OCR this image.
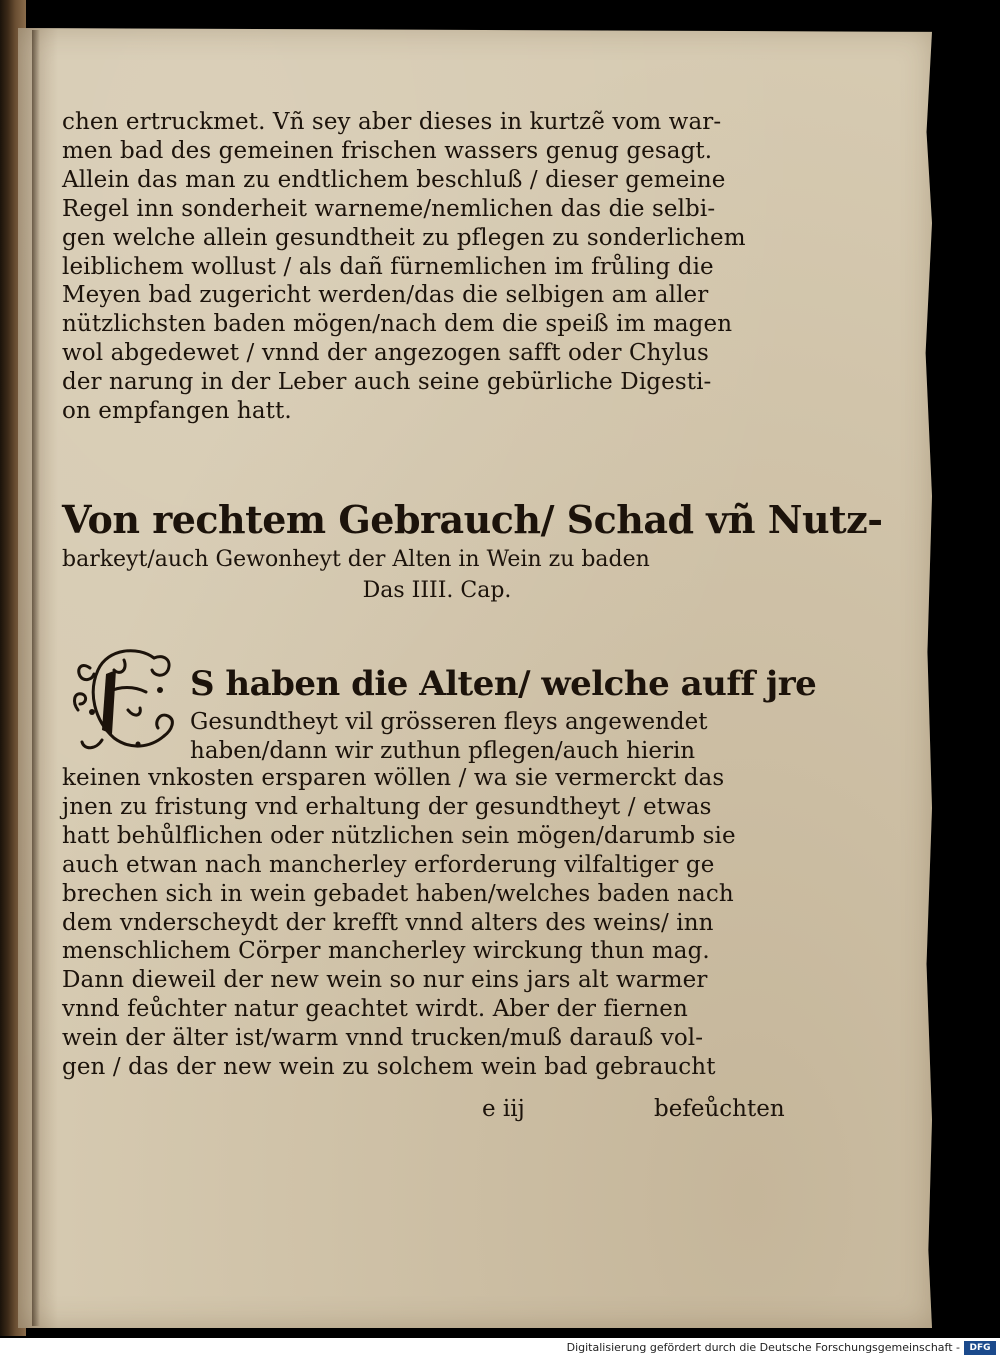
chen ertruckmet. Vñ sey aber dieses in kurtzẽ vom war-
men bad des gemeinen frischen wassers genug gesagt.
Allein das man zu endtlichem beschluß / dieser gemeine
Regel inn sonderheit warneme/nemlichen das die selbi-
gen welche allein gesundtheit zu pflegen zu sonderlichem
leiblichem wollust / als dañ fürnemlichen im frůling die
Meyen bad zugericht werden/das die selbigen am aller
nützlichsten baden mögen/nach dem die speiß im magen
wol abgedewet / vnnd der angezogen safft oder Chylus
der narung in der Leber auch seine gebürliche Digesti-
on empfangen hatt.
Von rechtem Gebrauch/ Schad vñ Nutz-
barkeyt/auch Gewonheyt der Alten in Wein zu baden
Das IIII. Cap.
S haben die Alten/ welche auff jre
Gesundtheyt vil grösseren fleys angewendet
haben/dann wir zuthun pflegen/auch hierin
keinen vnkosten ersparen wöllen / wa sie vermerckt das
jnen zu fristung vnd erhaltung der gesundtheyt / etwas
hatt behůlflichen oder nützlichen sein mögen/darumb sie
auch etwan nach mancherley erforderung vilfaltiger ge
brechen sich in wein gebadet haben/welches baden nach
dem vnderscheydt der krefft vnnd alters des weins/ inn
menschlichem Cörper mancherley wirckung thun mag.
Dann dieweil der new wein so nur eins jars alt warmer
vnnd feůchter natur geachtet wirdt. Aber der fiernen
wein der älter ist/warm vnnd trucken/muß darauß vol-
gen / das der new wein zu solchem wein bad gebraucht
e iij	befeůchten
Digitalisierung gefördert durch die Deutsche Forschungsgemeinschaft -	DFG
